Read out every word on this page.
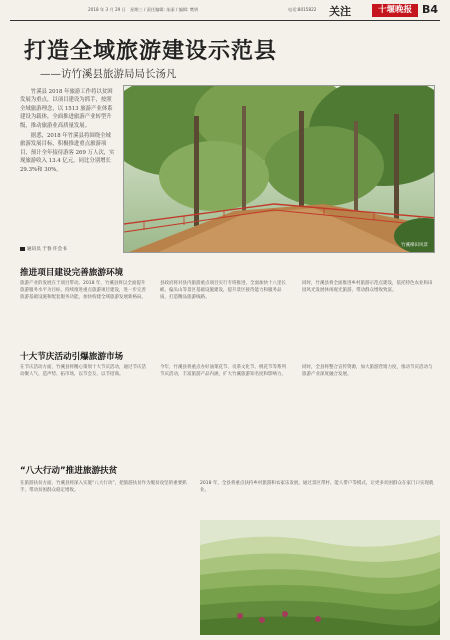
2018 年 3 月 29 日　星期三 / 责任编辑: 朱丽 / 编辑: 樊明	电话:8015822 关注	十堰晚报 B4
打造全域旅游建设示范县
——访竹溪县旅游局局长汤凡

竹溪县 2018 年旅游工作将以贫困发展为重点，以项目建设为抓手，按照全域旅游理念，以 1513 旅游产业体系建设为载体，全面推进旅游产业转型升级，推动旅游业高质量发展。

据悉，2018 年竹溪县将围绕全域旅游发展目标，积极推进重点旅游项目，预计全年接待游客 269 万人次，实现旅游收入 13.4 亿元，同比分别增长 29.3%和 30%。

竹溪梯田风景
通讯员 于春 许会书
推进项目建设完善旅游环境
旅游产业的发展在于项目带动。2018 年，竹溪县将以全面提升旅游服务水平为目标，持续推进重点旅游项目建设，进一步完善旅游基础设施和配套服务功能，加快构建全域旅游发展新格局。
县政府将对县内旅游重点项目实行专班推进，全面加快十八里长峡、偏头山等景区基础设施建设，提升景区接待能力和服务品质，打造精品旅游线路。
同时，竹溪县将全面推进乡村旅游示范点建设，依托特色农业和田园风光发展休闲观光旅游，带动群众增收致富。
十大节庆活动引爆旅游市场
在节庆活动方面，竹溪县将精心策划十大节庆活动，通过节庆活动聚人气、造声势、拓市场，以节会友、以节招商。
今年，竹溪县将重点办好油菜花节、贡茶文化节、桃花节等系列节庆活动，丰富旅游产品内涵，扩大竹溪旅游知名度和影响力。
同时，全县将整合宣传资源，加大旅游营销力度，推动节庆活动与旅游产业深度融合发展。
“八大行动”推进旅游扶贫
在旅游扶贫方面，竹溪县将深入实施“八大行动”，把旅游扶贫作为脱贫攻坚的重要抓手，带动贫困群众稳定增收。
2018 年，全县将重点扶持乡村旅游和农家乐发展，通过景区带村、能人带户等模式，让更多贫困群众在家门口实现就业。
